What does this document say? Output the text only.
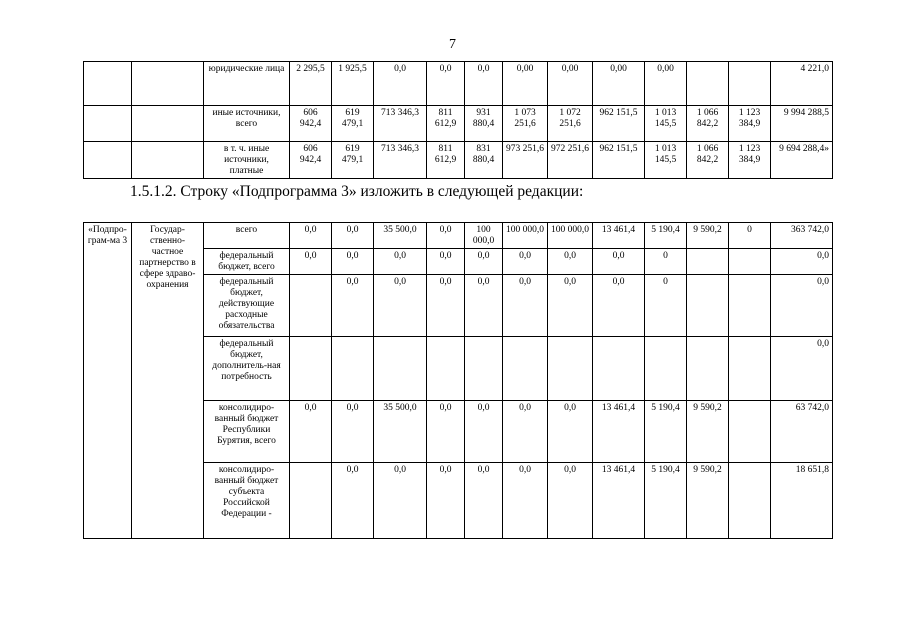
7
		юридические лица	2 295,5	1 925,5	0,0	0,0	0,0	0,00	0,00	0,00	0,00			4 221,0
		иные источники, всего	606 942,4	619 479,1	713 346,3	811 612,9	931 880,4	1 073 251,6	1 072 251,6	962 151,5	1 013 145,5	1 066 842,2	1 123 384,9	9 994 288,5
		в т. ч. иные источники, платные	606 942,4	619 479,1	713 346,3	811 612,9	831 880,4	973 251,6	972 251,6	962 151,5	1 013 145,5	1 066 842,2	1 123 384,9	9 694 288,4»
1.5.1.2. Строку «Подпрограмма 3» изложить в следующей редакции:
«Подпро-грам-ма 3	Государ-ственно-частное партнерство в сфере здраво-охранения	всего	0,0	0,0	35 500,0	0,0	100 000,0	100 000,0	100 000,0	13 461,4	5 190,4	9 590,2	0	363 742,0
		федеральный бюджет, всего	0,0	0,0	0,0	0,0	0,0	0,0	0,0	0,0	0			0,0
		федеральный бюджет, действующие расходные обязательства		0,0	0,0	0,0	0,0	0,0	0,0	0,0	0			0,0
		федеральный бюджет, дополнитель-ная потребность												0,0
		консолидиро-ванный бюджет Республики Бурятия, всего	0,0	0,0	35 500,0	0,0	0,0	0,0	0,0	13 461,4	5 190,4	9 590,2		63 742,0
		консолидиро-ванный бюджет субъекта Российской Федерации -		0,0	0,0	0,0	0,0	0,0	0,0	13 461,4	5 190,4	9 590,2		18 651,8
